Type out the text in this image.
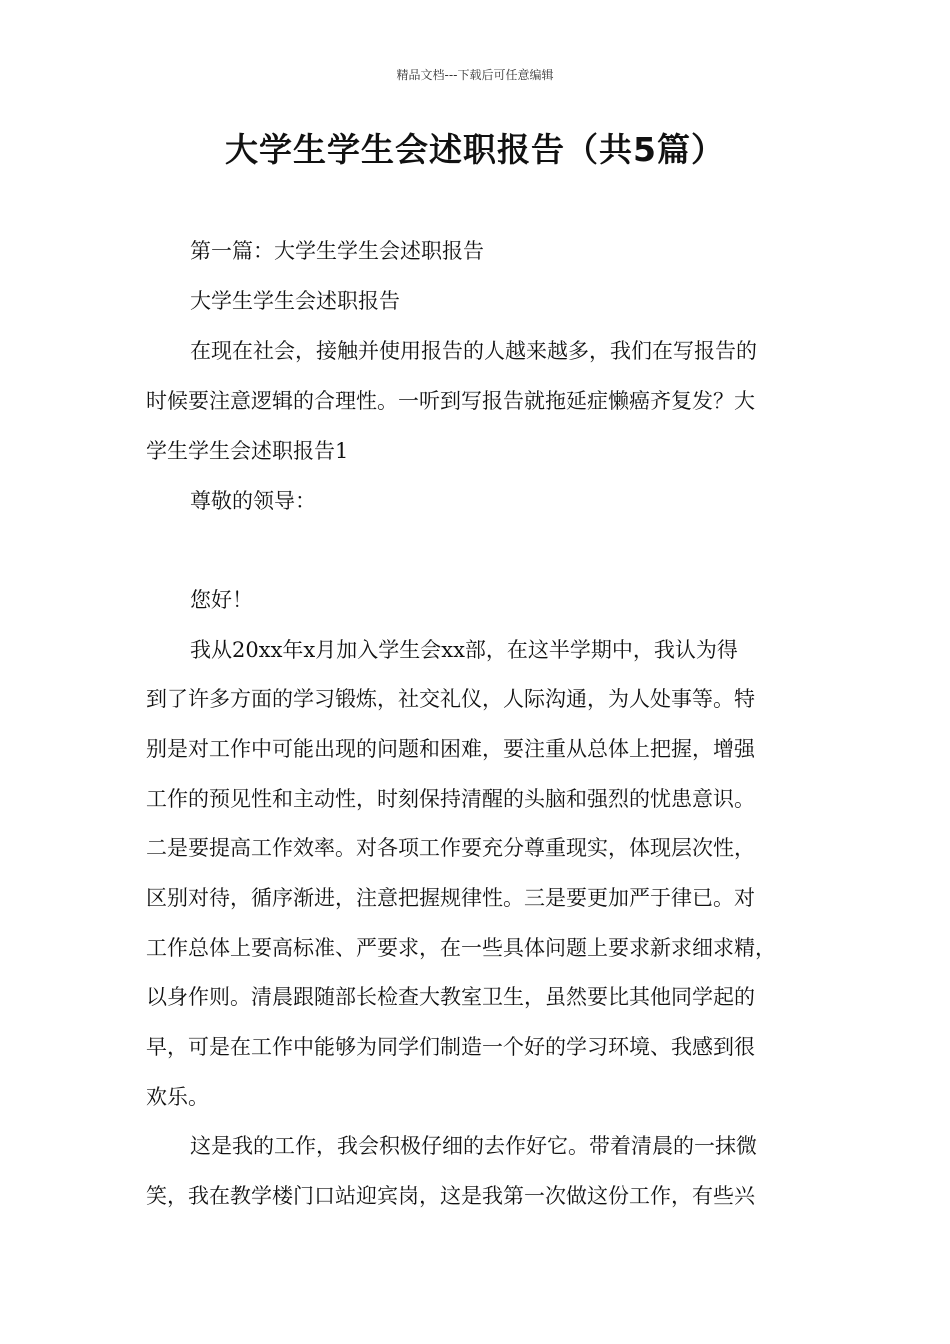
精品文档---下载后可任意编辑
大学生学生会述职报告（共5篇）
第一篇：大学生学生会述职报告
大学生学生会述职报告
在现在社会，接触并使用报告的人越来越多，我们在写报告的
时候要注意逻辑的合理性。一听到写报告就拖延症懒癌齐复发？大
学生学生会述职报告1
尊敬的领导：
您好！
我从20xx年x月加入学生会xx部，在这半学期中，我认为得
到了许多方面的学习锻炼，社交礼仪，人际沟通，为人处事等。特
别是对工作中可能出现的问题和困难，要注重从总体上把握，增强
工作的预见性和主动性，时刻保持清醒的头脑和强烈的忧患意识。
二是要提高工作效率。对各项工作要充分尊重现实，体现层次性，
区别对待，循序渐进，注意把握规律性。三是要更加严于律已。对
工作总体上要高标准、严要求，在一些具体问题上要求新求细求精，
以身作则。清晨跟随部长检查大教室卫生，虽然要比其他同学起的
早，可是在工作中能够为同学们制造一个好的学习环境、我感到很
欢乐。
这是我的工作，我会积极仔细的去作好它。带着清晨的一抹微
笑，我在教学楼门口站迎宾岗，这是我第一次做这份工作，有些兴
